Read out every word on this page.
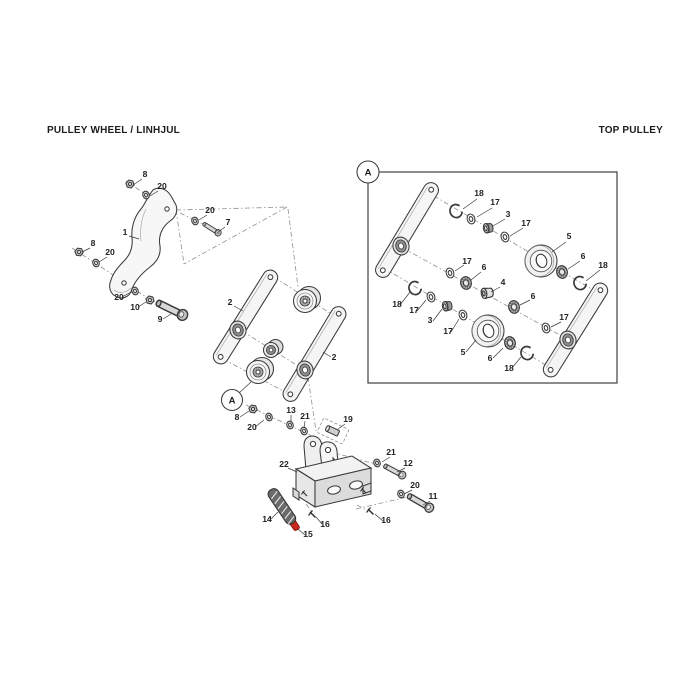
PULLEY WHEEL / LINHJUL	TOP PULLEY
A
A
8
20
20
7
1
8
20
20
10
9
2
2
8
20
13
21	19
22
21
12
20
11
14
15
16	16
18
17
3
17
5
6
18
17
6
4
6
17
18
17
3
17
5
6
18
